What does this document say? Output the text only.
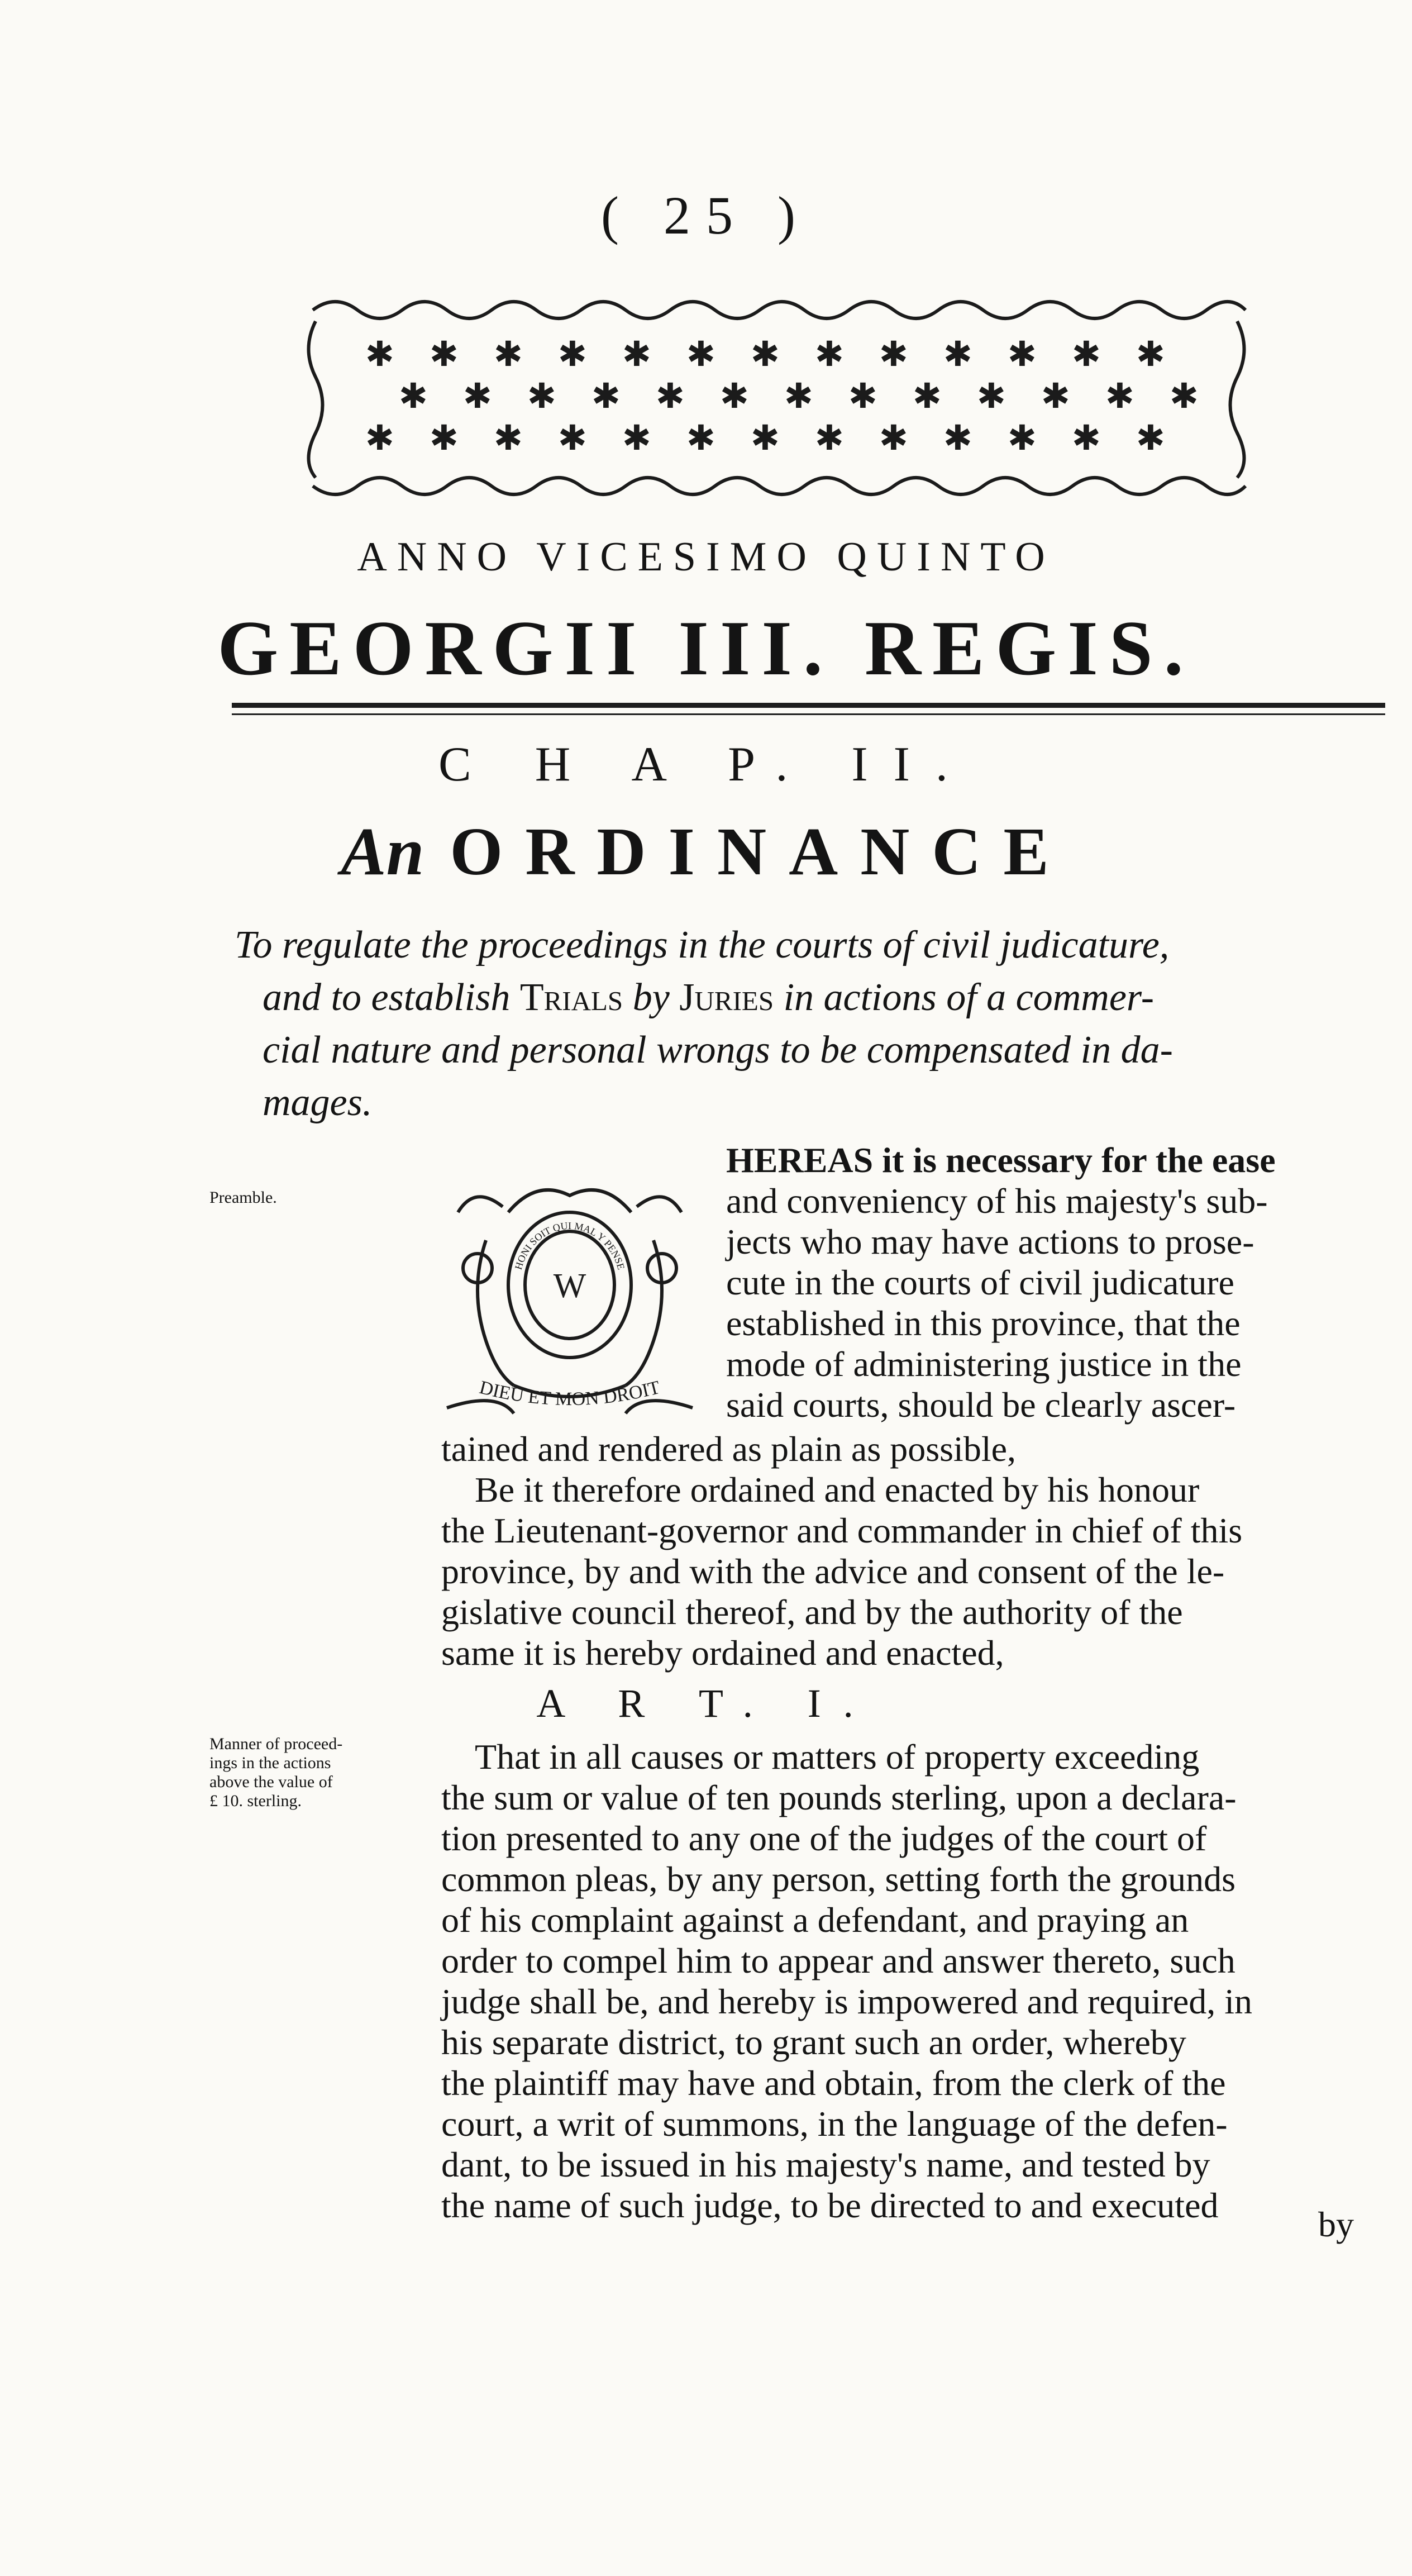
( 25 )
✱ ✱ ✱ ✱ ✱ ✱ ✱ ✱ ✱ ✱ ✱ ✱ ✱
✱ ✱ ✱ ✱ ✱ ✱ ✱ ✱ ✱ ✱ ✱ ✱ ✱
✱ ✱ ✱ ✱ ✱ ✱ ✱ ✱ ✱ ✱ ✱ ✱ ✱
ANNO VICESIMO QUINTO
GEORGII III. REGIS.
C H A P. II.
An ORDINANCE
To regulate the proceedings in the courts of civil judicature,
and to establish Trials by Juries in actions of a commer-
cial nature and personal wrongs to be compensated in da-
mages.
Preamble.
W
DIEU ET MON DROIT
HONI SOIT QUI MAL Y PENSE
A R T. I.
Manner of proceed-
ings in the actions
above the value of
£ 10. sterling.
by
HEREAS it is necessary for the ease
and conveniency of his majesty's sub-
jects who may have actions to prose-
cute in the courts of civil judicature
established in this province, that the
mode of administering justice in the
said courts, should be clearly ascer-
tained and rendered as plain as possible,
Be it therefore ordained and enacted by his honour
the Lieutenant-governor and commander in chief of this
province, by and with the advice and consent of the le-
gislative council thereof, and by the authority of the
same it is hereby ordained and enacted,
That in all causes or matters of property exceeding
the sum or value of ten pounds sterling, upon a declara-
tion presented to any one of the judges of the court of
common pleas, by any person, setting forth the grounds
of his complaint against a defendant, and praying an
order to compel him to appear and answer thereto, such
judge shall be, and hereby is impowered and required, in
his separate district, to grant such an order, whereby
the plaintiff may have and obtain, from the clerk of the
court, a writ of summons, in the language of the defen-
dant, to be issued in his majesty's name, and tested by
the name of such judge, to be directed to and executed
